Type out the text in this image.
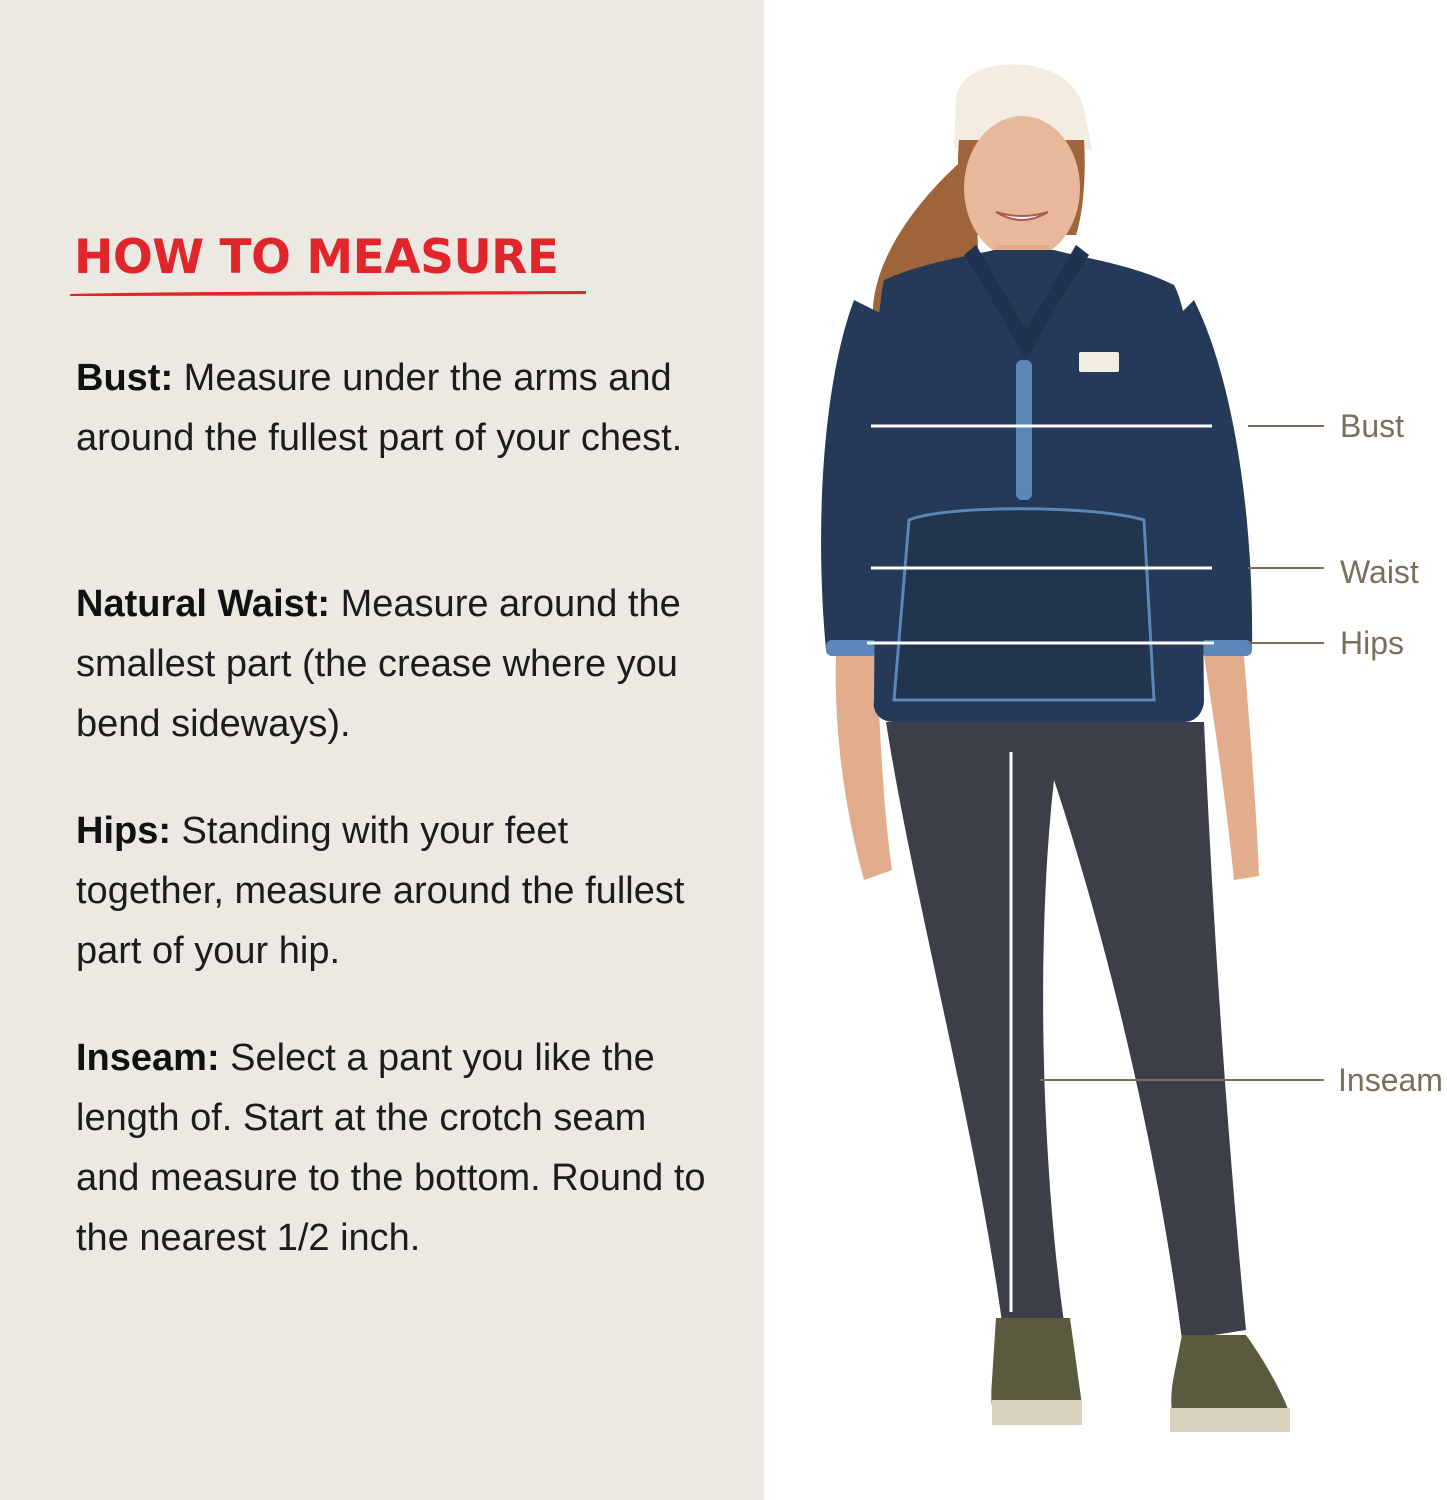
HOW TO MEASURE

Bust: Measure under the arms and around the fullest part of your chest.

Natural Waist: Measure around the smallest part (the crease where you bend sideways).

Hips: Standing with your feet together, measure around the fullest part of your hip.

Inseam: Select a pant you like the length of. Start at the crotch seam and measure to the bottom. Round to the nearest 1/2 inch.

Bust
Waist
Hips
Inseam
